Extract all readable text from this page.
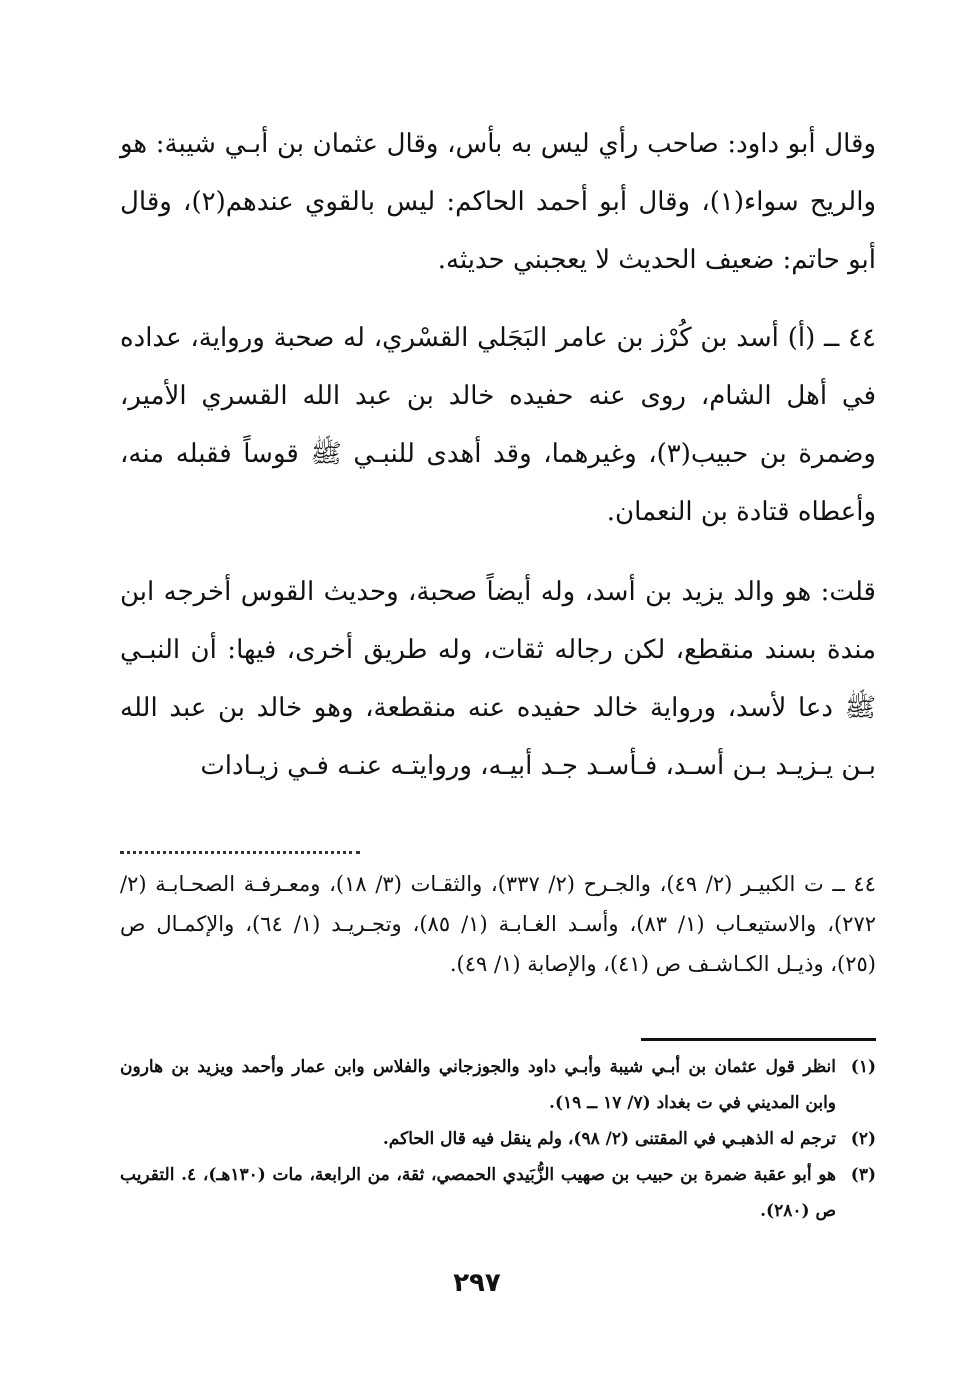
وقال أبو داود: صاحب رأي ليس به بأس، وقال عثمان بن أبـي شيبة: هو والريح سواء(١)، وقال أبو أحمد الحاكم: ليس بالقوي عندهم(٢)، وقال أبو حاتم: ضعيف الحديث لا يعجبني حديثه.

٤٤ ــ (أ) أسد بن كُرْز بن عامر البَجَلي القسْري، له صحبة ورواية، عداده في أهل الشام، روى عنه حفيده خالد بن عبد الله القسري الأمير، وضمرة بن حبيب(٣)، وغيرهما، وقد أهدى للنبـي ﷺ قوساً فقبله منه، وأعطاه قتادة بن النعمان.

قلت: هو والد يزيد بن أسد، وله أيضاً صحبة، وحديث القوس أخرجه ابن مندة بسند منقطع، لكن رجاله ثقات، وله طريق أخرى، فيها: أن النبـي ﷺ دعا لأسد، ورواية خالد حفيده عنه منقطعة، وهو خالد بن عبد الله بـن يـزيـد بـن أسـد، فـأسـد جـد أبيـه، وروايتـه عنـه فـي زيـادات

٤٤ ــ ت الكبيـر (٢/ ٤٩)، والجـرح (٢/ ٣٣٧)، والثقـات (٣/ ١٨)، ومعـرفـة الصحـابـة (٢/ ٢٧٢)، والاستيعـاب (١/ ٨٣)، وأسـد الغـابـة (١/ ٨٥)، وتجـريـد (١/ ٦٤)، والإكمـال ص (٢٥)، وذيـل الكـاشـف ص (٤١)، والإصابة (١/ ٤٩).
(١)
انظر قول عثمان بن أبـي شيبة وأبـي داود والجوزجاني والفلاس وابن عمار وأحمد ويزيد بن هارون وابن المديني في ت بغداد (٧/ ١٧ ــ ١٩).
(٢)
ترجم له الذهبـي في المقتنى (٢/ ٩٨)، ولم ينقل فيه قال الحاكم.
(٣)
هو أبو عقبة ضمرة بن حبيب بن صهيب الزُّبَيدي الحمصي، ثقة، من الرابعة، مات (١٣٠هـ)، ٤. التقريب ص (٢٨٠).
٢٩٧
